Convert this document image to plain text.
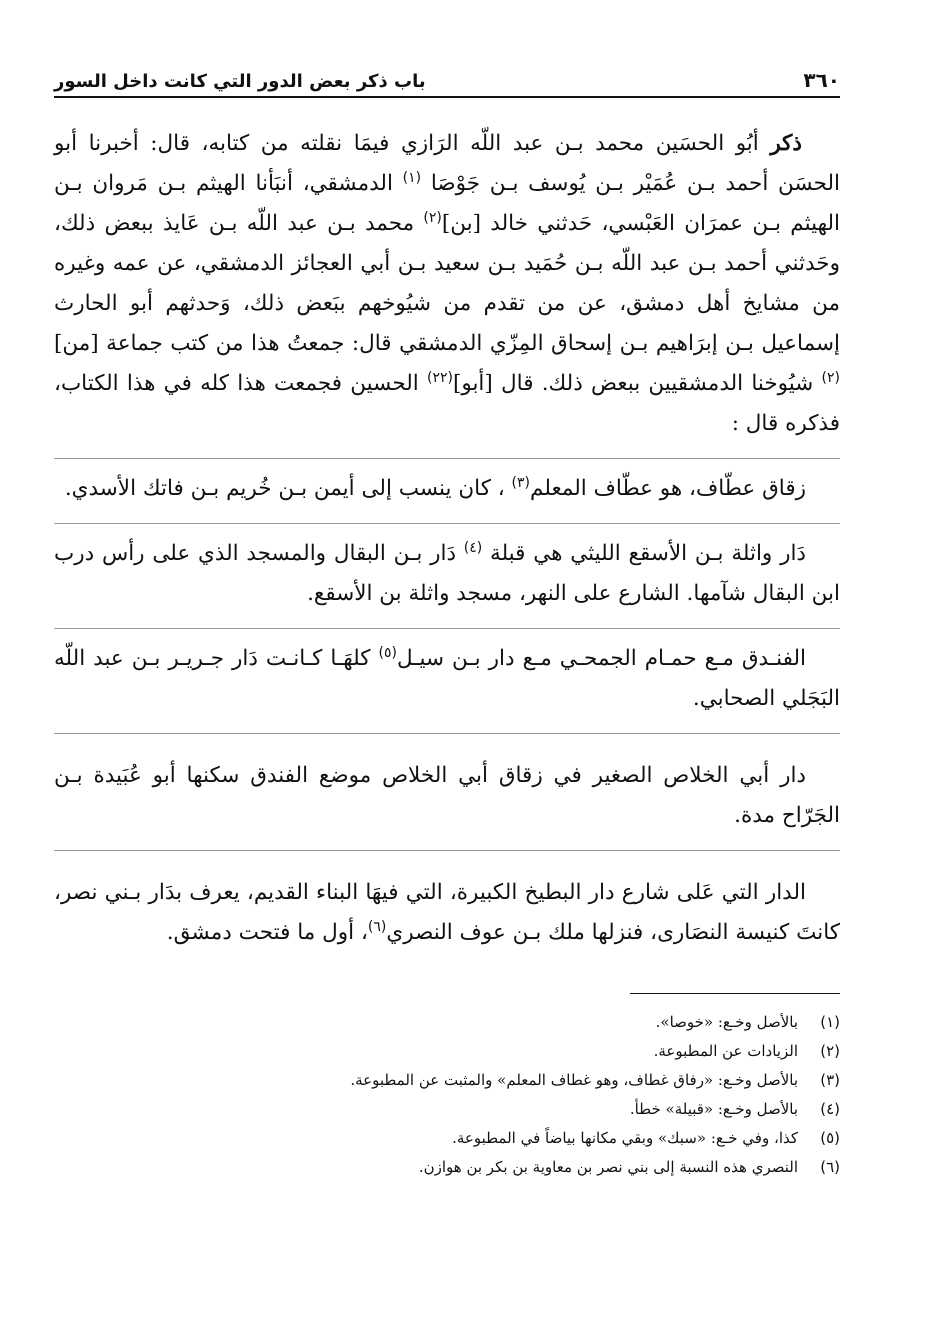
٣٦٠
باب ذكر بعض الدور التي كانت داخل السور

ذكر أبُو الحسَين محمد بـن عبد اللّه الرَازي فيمَا نقلته من كتابه، قال: أخبرنا أبو الحسَن أحمد بـن عُمَيْر بـن يُوسف بـن جَوْصَا $^{(١)}$ الدمشقي، أنبَأنا الهيثم بـن مَروان بـن الهيثم بـن عمرَان العَبْسي، حَدثني خالد [بن]$^{(٢)}$ محمد بـن عبد اللّه بـن عَايذ ببعض ذلك، وحَدثني أحمد بـن عبد اللّه بـن حُمَيد بـن سعيد بـن أبي العجائز الدمشقي، عن عمه وغيره من مشايخ أهل دمشق، عن من تقدم من شيُوخهم ببَعض ذلك، وَحدثهم أبو الحارث إسماعيل بـن إبرَاهيم بـن إسحاق المِزّي الدمشقي قال: جمعتُ هذا من كتب جماعة [من]$^{(٢)}$ شيُوخنا الدمشقيين ببعض ذلك. قال [أبو]$^{(٢٢)}$ الحسين فجمعت هذا كله في هذا الكتاب، فذكره قال :

زقاق عطّاف، هو عطّاف المعلم$^{(٣)}$ ، كان ينسب إلى أيمن بـن خُريم بـن فاتك الأسدي.

دَار واثلة بـن الأسقع الليثي هي قبلة $^{(٤)}$ دَار بـن البقال والمسجد الذي على رأس درب ابن البقال شآمها. الشارع على النهر، مسجد واثلة بن الأسقع.

الفنـدق مـع حمـام الجمحـي مـع دار بـن سيـل$^{(٥)}$ كلهَـا كـانـت دَار جـريـر بـن عبد اللّه البَجَلي الصحابي.

دار أبي الخلاص الصغير في زقاق أبي الخلاص موضع الفندق سكنها أبو عُبَيدة بـن الجَرّاح مدة.

الدار التي عَلى شارع دار البطيخ الكبيرة، التي فيهَا البناء القديم، يعرف بدَار بـني نصر، كانتَ كنيسة النصَارى، فنزلها ملك بـن عوف النصري$^{(٦)}$، أول ما فتحت دمشق.

(١)
بالأصل وخـع: «خوصا».
(٢)
الزيادات عن المطبوعة.
(٣)
بالأصل وخـع: «رفاق غطاف، وهو غطاف المعلم» والمثبت عن المطبوعة.
(٤)
بالأصل وخـع: «قبيلة» خطأ.
(٥)
كذا، وفي خـع: «سبك» وبقي مكانها بياضاً في المطبوعة.
(٦)
النصري هذه النسبة إلى بني نصر بن معاوية بن بكر بن هوازن.
